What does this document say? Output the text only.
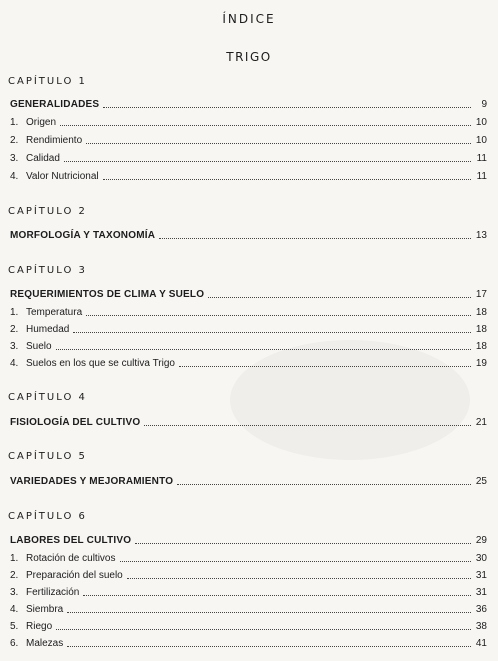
ÍNDICE
TRIGO
CAPÍTULO 1
GENERALIDADES	9
1. Origen	10
2. Rendimiento	10
3. Calidad	11
4. Valor Nutricional	11
CAPÍTULO 2
MORFOLOGÍA Y TAXONOMÍA	13
CAPÍTULO 3
REQUERIMIENTOS DE CLIMA Y SUELO	17
1. Temperatura	18
2. Humedad	18
3. Suelo	18
4. Suelos en los que se cultiva Trigo	19
CAPÍTULO 4
FISIOLOGÍA DEL CULTIVO	21
CAPÍTULO 5
VARIEDADES Y MEJORAMIENTO	25
CAPÍTULO 6
LABORES DEL CULTIVO	29
1. Rotación de cultivos	30
2. Preparación del suelo	31
3. Fertilización	31
4. Siembra	36
5. Riego	38
6. Malezas	41
